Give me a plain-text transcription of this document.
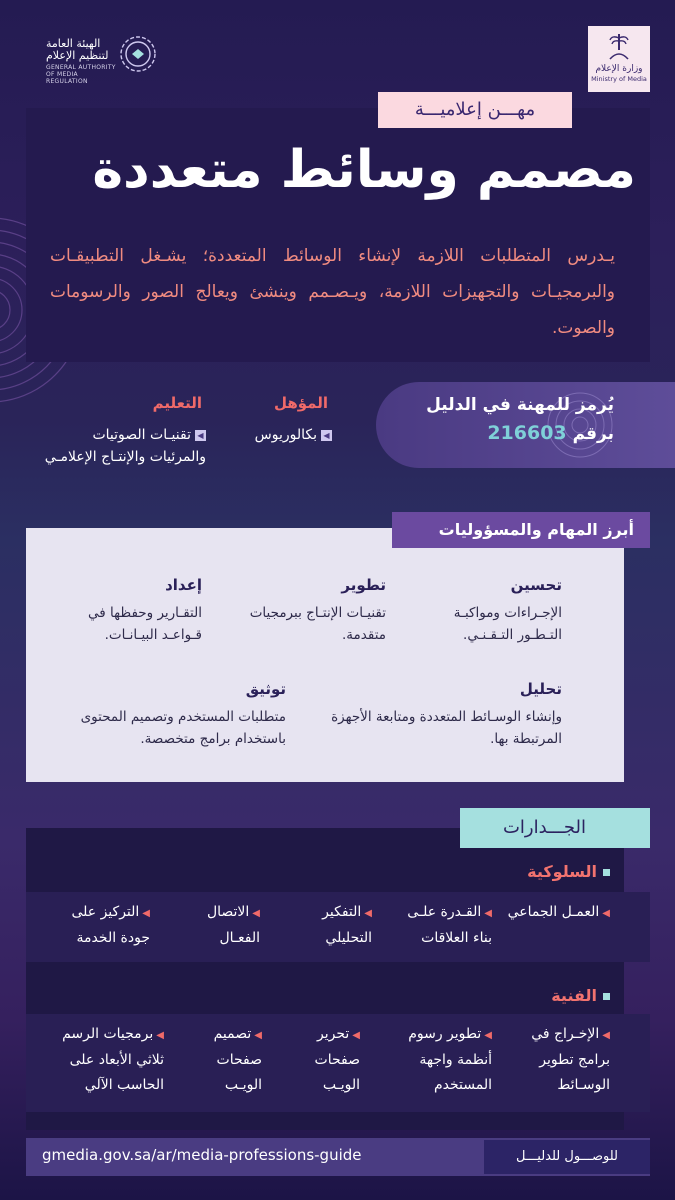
الهيئة العامة لتنظيم الإعلام
GENERAL AUTHORITY OF MEDIA REGULATION
وزارة الإعلام
Ministry of Media
مهـــن إعلاميـــة
مصمم وسائط متعددة
يـدرس المتطلبات اللازمة لإنشاء الوسائط المتعددة؛ يشـغل التطبيقـات والبرمجيـات والتجهيزات اللازمة، ويـصـمم وينشئ ويعالج الصور والرسومات والصوت.
يُرمز للمهنة في الدليل
برقم 216603
المؤهل
◀بكالوريوس
التعليم
◀تقنيـات الصوتيات والمرئيات والإنتـاج الإعلامـي
أبرز المهام والمسؤوليات
تحسين
الإجـراءات ومواكبـة التـطـور التـقـنـي.
تطوير
تقنيـات الإنتـاج ببرمجيات متقدمة.
إعداد
التقـارير وحفظها في قـواعـد البيـانـات.
تحليل
وإنشاء الوسـائط المتعددة ومتابعة الأجهزة المرتبطة بها.
توثيق
متطلبات المستخدم وتصميم المحتوى باستخدام برامج متخصصة.
الجـــدارات
السلوكية
◀العمـل الجماعي
◀القـدرة علـى بناء العلاقات
◀التفكير التحليلي
◀الاتصال الفعـال
◀التركيز على جودة الخدمة
الفنية
◀الإخـراج في برامج تطوير الوسـائط
◀تطوير رسوم أنظمة واجهة المستخدم
◀تحرير صفحات الويـب
◀تصميم صفحات الويـب
◀برمجيات الرسم ثلاثي الأبعاد على الحاسب الآلي
gmedia.gov.sa/ar/media-professions-guide	للوصـــول للدليـــل
